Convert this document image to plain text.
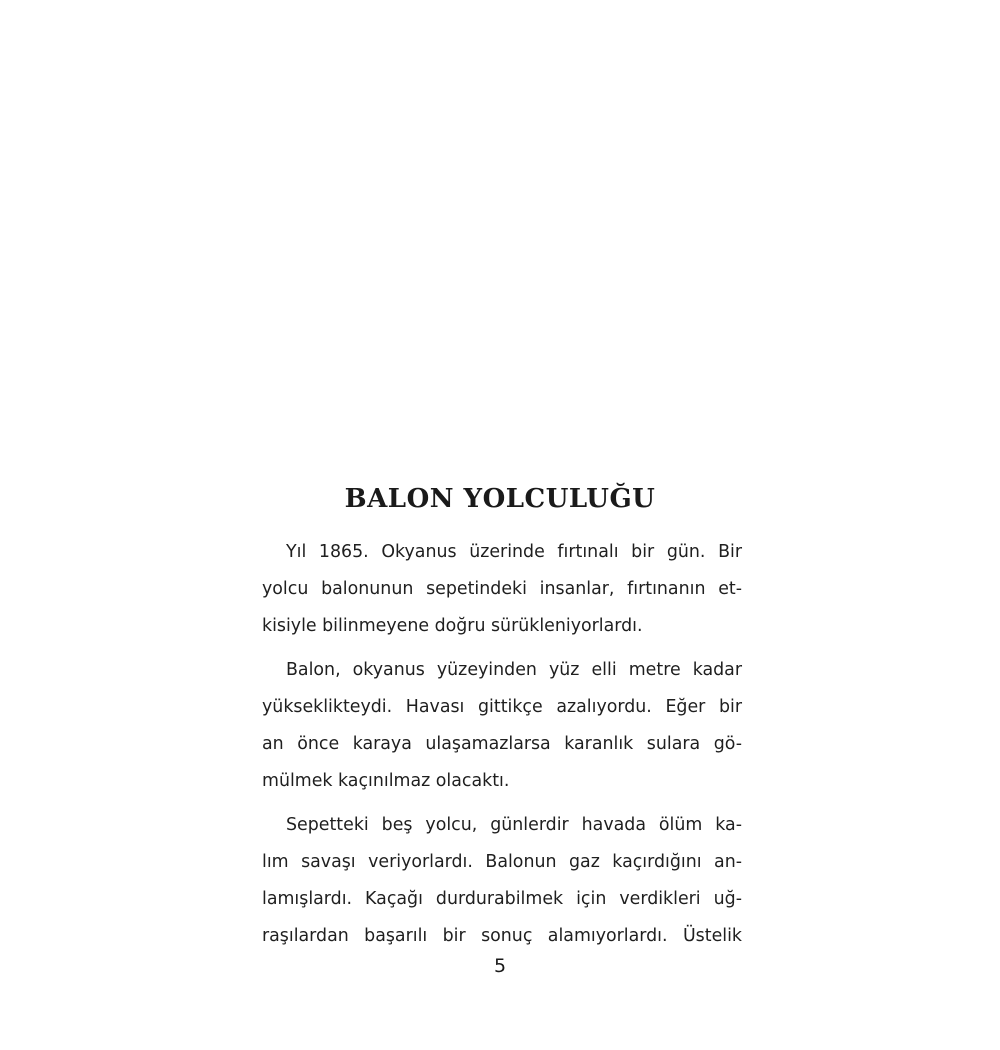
BALON YOLCULUĞU
Yıl 1865. Okyanus üzerinde fırtınalı bir gün. Bir
yolcu balonunun sepetindeki insanlar, fırtınanın et-
kisiyle bilinmeyene doğru sürükleniyorlardı.
Balon, okyanus yüzeyinden yüz elli metre kadar
yükseklikteydi. Havası gittikçe azalıyordu. Eğer bir
an önce karaya ulaşamazlarsa karanlık sulara gö-
mülmek kaçınılmaz olacaktı.
Sepetteki beş yolcu, günlerdir havada ölüm ka-
lım savaşı veriyorlardı. Balonun gaz kaçırdığını an-
lamışlardı. Kaçağı durdurabilmek için verdikleri uğ-
raşılardan başarılı bir sonuç alamıyorlardı. Üstelik
5
